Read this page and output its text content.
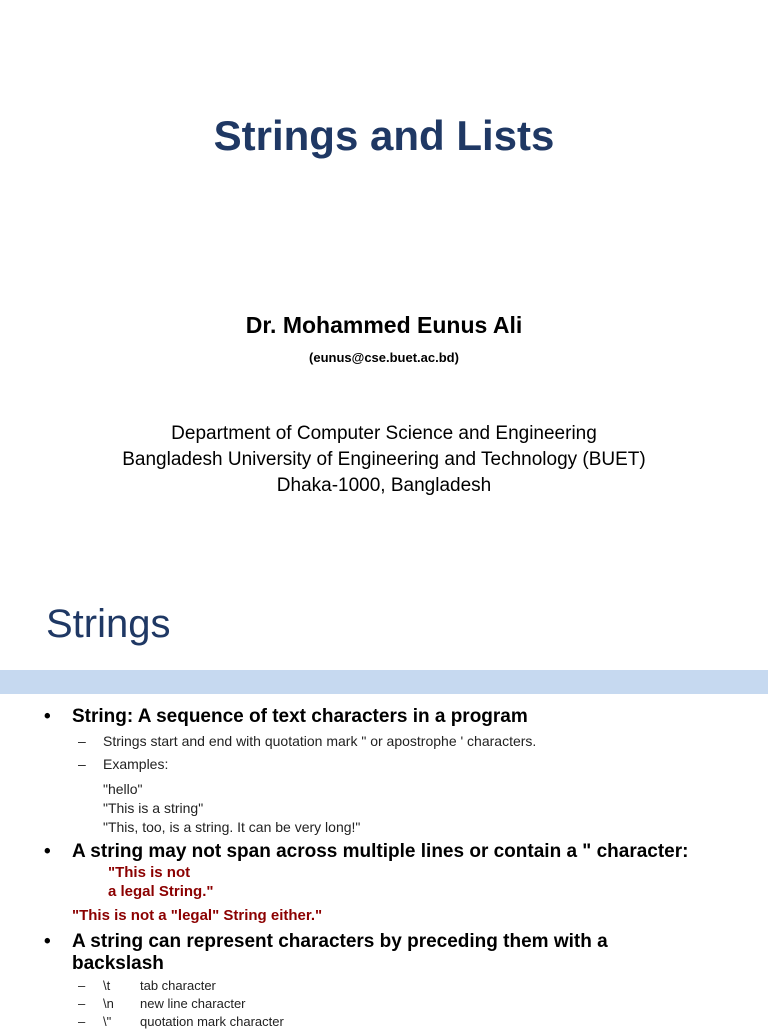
Strings and Lists
Dr. Mohammed Eunus Ali
(eunus@cse.buet.ac.bd)
Department of Computer Science and Engineering
Bangladesh University of Engineering and Technology (BUET)
Dhaka-1000, Bangladesh
Strings
• String: A sequence of text characters in a program
– Strings start and end with quotation mark " or apostrophe ' characters.
– Examples:
"hello"
"This is a string"
"This, too, is a string. It can be very long!"
• A string may not span across multiple lines or contain a " character:
"This is not
a legal String."
"This is not a "legal" String either."
• A string can represent characters by preceding them with a
backslash
– \t tab character
– \n new line character
– \" quotation mark character
